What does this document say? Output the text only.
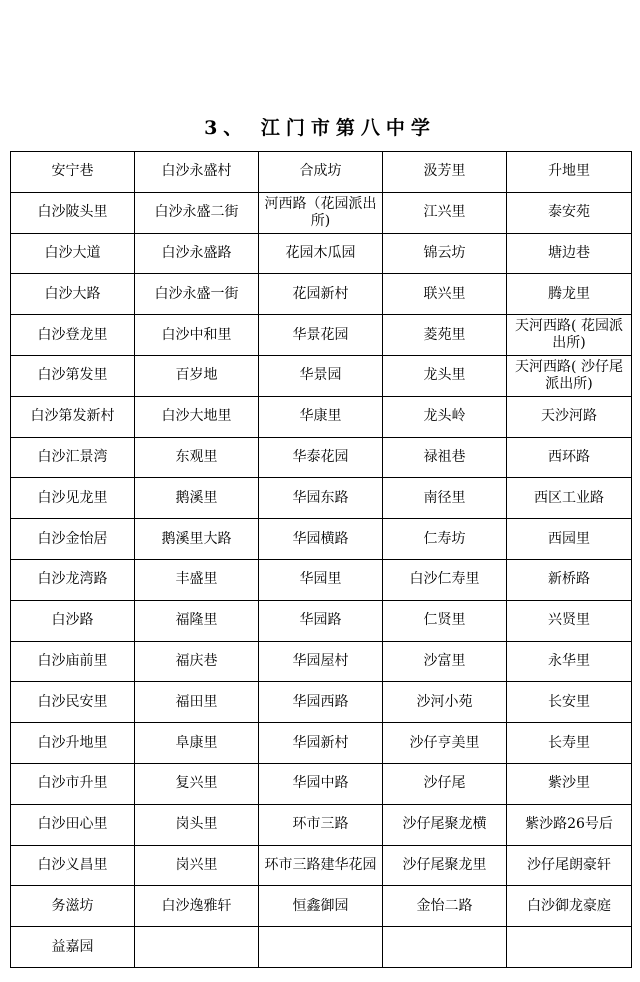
3、 江门市第八中学
安宁巷	白沙永盛村	合成坊	汲芳里	升地里
白沙陂头里	白沙永盛二街	河西路（花园派出所)	江兴里	泰安苑
白沙大道	白沙永盛路	花园木瓜园	锦云坊	塘边巷
白沙大路	白沙永盛一街	花园新村	联兴里	腾龙里
白沙登龙里	白沙中和里	华景花园	菱苑里	天河西路( 花园派出所)
白沙第发里	百岁地	华景园	龙头里	天河西路( 沙仔尾派出所)
白沙第发新村	白沙大地里	华康里	龙头岭	天沙河路
白沙汇景湾	东观里	华泰花园	禄祖巷	西环路
白沙见龙里	鹅溪里	华园东路	南径里	西区工业路
白沙金怡居	鹅溪里大路	华园横路	仁寿坊	西园里
白沙龙湾路	丰盛里	华园里	白沙仁寿里	新桥路
白沙路	福隆里	华园路	仁贤里	兴贤里
白沙庙前里	福庆巷	华园屋村	沙富里	永华里
白沙民安里	福田里	华园西路	沙河小苑	长安里
白沙升地里	阜康里	华园新村	沙仔亨美里	长寿里
白沙市升里	复兴里	华园中路	沙仔尾	紫沙里
白沙田心里	岗头里	环市三路	沙仔尾聚龙横	紫沙路26号后
白沙义昌里	岗兴里	环市三路建华花园	沙仔尾聚龙里	沙仔尾朗豪轩
务滋坊	白沙逸雅轩	恒鑫御园	金怡二路	白沙御龙豪庭
益嘉园				
